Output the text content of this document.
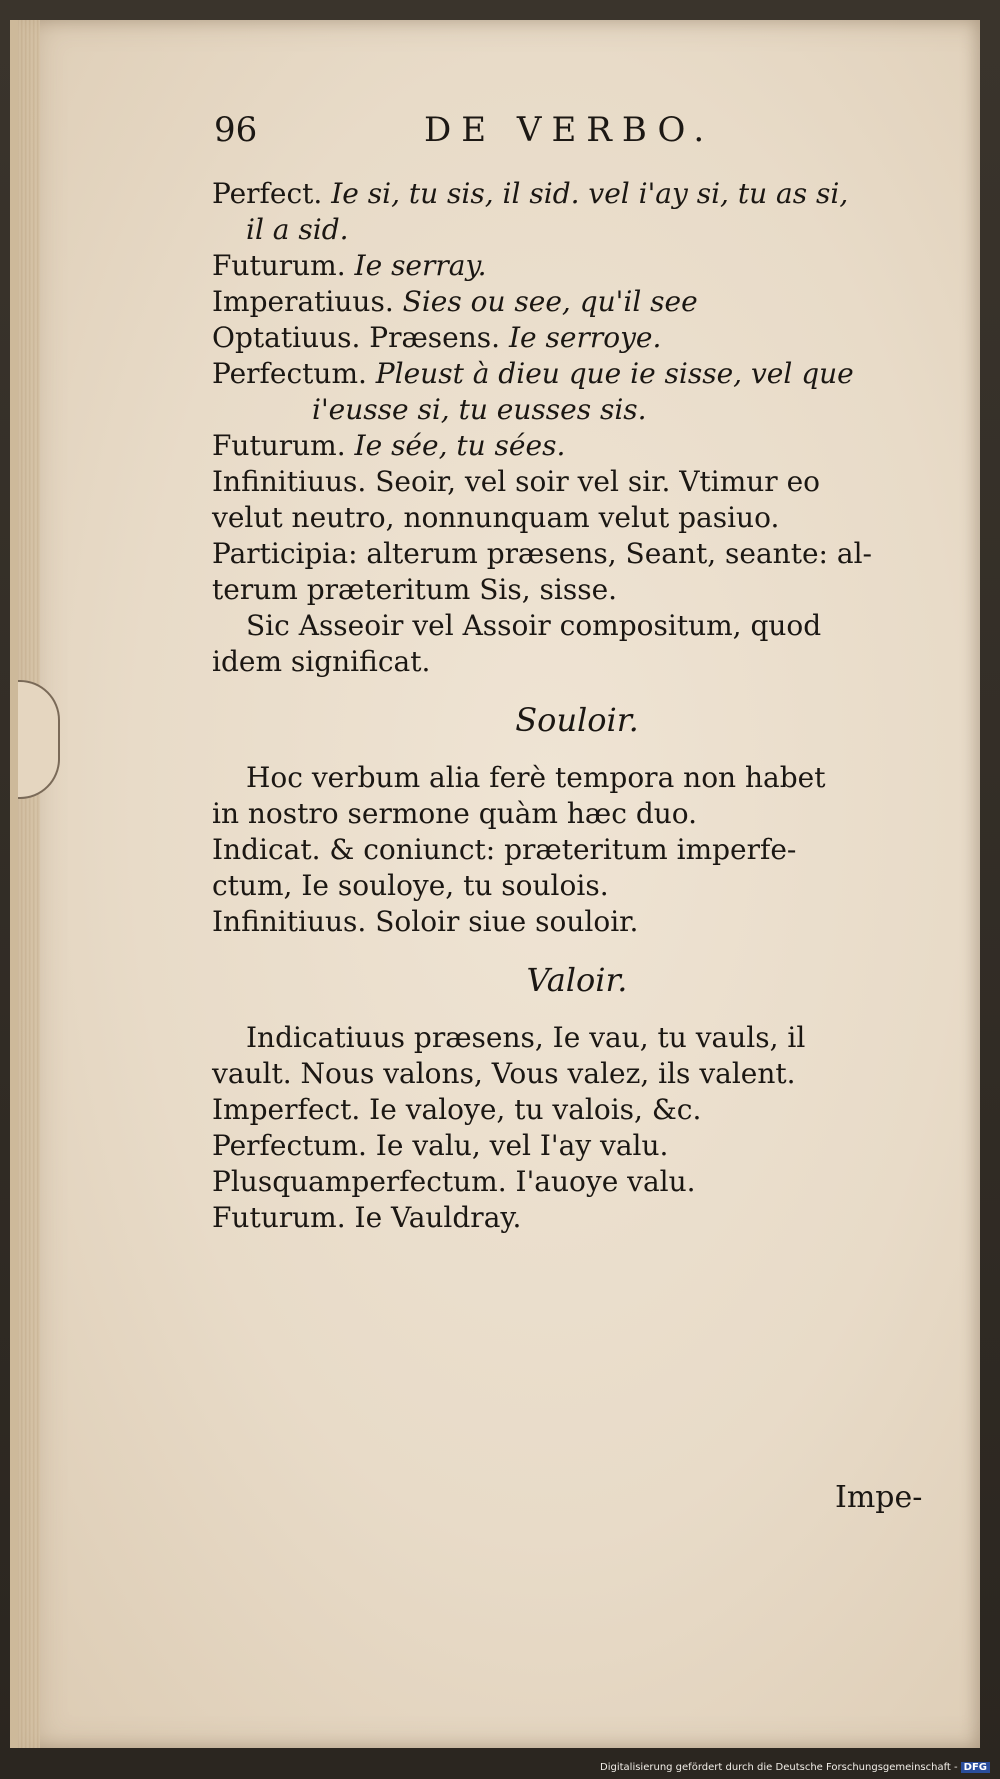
96	DE VERBO.
Perfect. Ie si, tu sis, il sid. vel i'ay si, tu as si,
il a sid.
Futurum. Ie serray.
Imperatiuus. Sies ou see, qu'il see
Optatiuus. Præsens. Ie serroye.
Perfectum. Pleust à dieu que ie sisse, vel que
i'eusse si, tu eusses sis.
Futurum. Ie sée, tu sées.
Infinitiuus. Seoir, vel soir vel sir. Vtimur eo
velut neutro, nonnunquam velut pasiuo.
Participia: alterum præsens, Seant, seante: al-
terum præteritum Sis, sisse.
Sic Asseoir vel Assoir compositum, quod
idem significat.
Souloir.
Hoc verbum alia ferè tempora non habet
in nostro sermone quàm hæc duo.
Indicat. & coniunct: præteritum imperfe-
ctum, Ie souloye, tu soulois.
Infinitiuus. Soloir siue souloir.
Valoir.
Indicatiuus præsens, Ie vau, tu vauls, il
vault. Nous valons, Vous valez, ils valent.
Imperfect. Ie valoye, tu valois, &c.
Perfectum. Ie valu, vel I'ay valu.
Plusquamperfectum. I'auoye valu.
Futurum. Ie Vauldray.
Impe-
Digitalisierung gefördert durch die Deutsche Forschungsgemeinschaft - DFG
